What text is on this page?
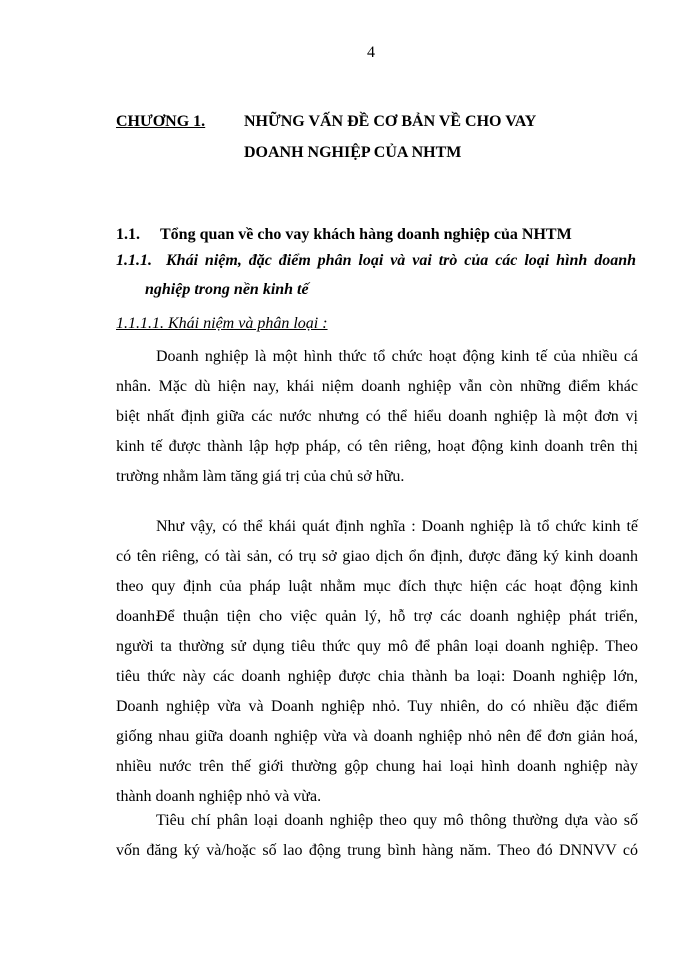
4
CHƯƠNG 1. NHỮNG VẤN ĐỀ CƠ BẢN VỀ CHO VAY
DOANH NGHIỆP CỦA NHTM
1.1. Tổng quan về cho vay khách hàng doanh nghiệp của NHTM
1.1.1. Khái niệm, đặc điểm phân loại và vai trò của các loại hình doanh
nghiệp trong nền kinh tế
1.1.1.1. Khái niệm và phân loại :
Doanh nghiệp là một hình thức tổ chức hoạt động kinh tế của nhiều cá
nhân. Mặc dù hiện nay, khái niệm doanh nghiệp vẫn còn những điểm khác
biệt nhất định giữa các nước nhưng có thể hiểu doanh nghiệp là một đơn vị
kinh tế được thành lập hợp pháp, có tên riêng, hoạt động kinh doanh trên thị
trường nhằm làm tăng giá trị của chủ sở hữu.
Như vậy, có thể khái quát định nghĩa : Doanh nghiệp là tổ chức kinh tế
có tên riêng, có tài sản, có trụ sở giao dịch ổn định, được đăng ký kinh doanh
theo quy định của pháp luật nhằm mục đích thực hiện các hoạt động kinh
doanh.
Để thuận tiện cho việc quản lý, hỗ trợ các doanh nghiệp phát triển,
người ta thường sử dụng tiêu thức quy mô để phân loại doanh nghiệp. Theo
tiêu thức này các doanh nghiệp được chia thành ba loại: Doanh nghiệp lớn,
Doanh nghiệp vừa và Doanh nghiệp nhỏ. Tuy nhiên, do có nhiều đặc điểm
giống nhau giữa doanh nghiệp vừa và doanh nghiệp nhỏ nên để đơn giản hoá,
nhiều nước trên thế giới thường gộp chung hai loại hình doanh nghiệp này
thành doanh nghiệp nhỏ và vừa.
Tiêu chí phân loại doanh nghiệp theo quy mô thông thường dựa vào số
vốn đăng ký và/hoặc số lao động trung bình hàng năm. Theo đó DNNVV có
